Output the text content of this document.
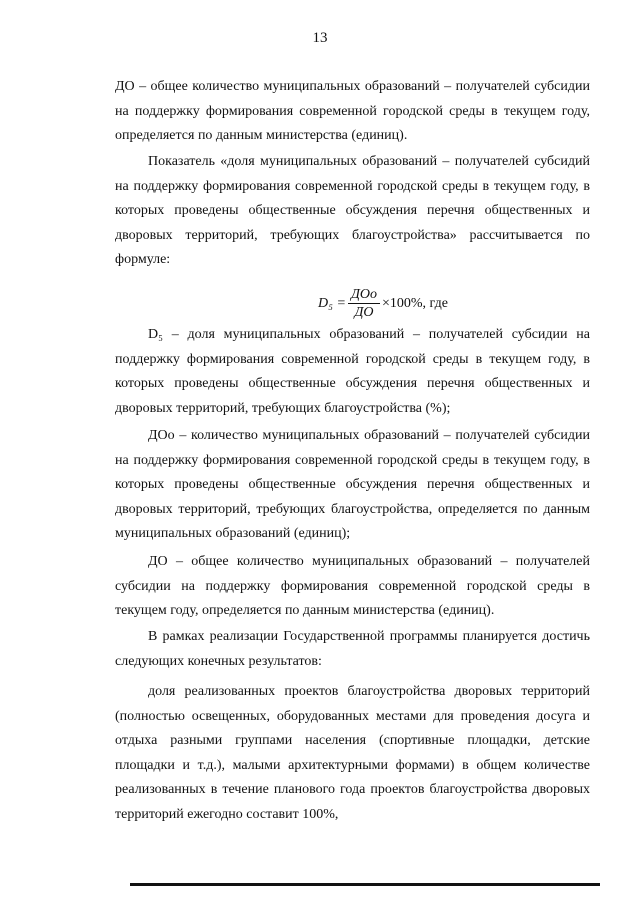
13

ДО – общее количество муниципальных образований – получателей субсидии на поддержку формирования современной городской среды в текущем году, определяется по данным министерства (единиц).

Показатель «доля муниципальных образований – получателей субсидий на поддержку формирования современной городской среды в текущем году, в которых проведены общественные обсуждения перечня общественных и дворовых территорий, требующих благоустройства» рассчитывается по формуле:

$D_5 = \frac{\text{ДОо}}{ДО} \times 100\%$ , где

D₅ – доля муниципальных образований – получателей субсидии на поддержку формирования современной городской среды в текущем году, в которых проведены общественные обсуждения перечня общественных и дворовых территорий, требующих благоустройства (%);

ДОо – количество муниципальных образований – получателей субсидии на поддержку формирования современной городской среды в текущем году, в которых проведены общественные обсуждения перечня общественных и дворовых территорий, требующих благоустройства, определяется по данным муниципальных образований (единиц);

ДО – общее количество муниципальных образований – получателей субсидии на поддержку формирования современной городской среды в текущем году, определяется по данным министерства (единиц).

В рамках реализации Государственной программы планируется достичь следующих конечных результатов:

доля реализованных проектов благоустройства дворовых территорий (полностью освещенных, оборудованных местами для проведения досуга и отдыха разными группами населения (спортивные площадки, детские площадки и т.д.), малыми архитектурными формами) в общем количестве реализованных в течение планового года проектов благоустройства дворовых территорий ежегодно составит 100%,
